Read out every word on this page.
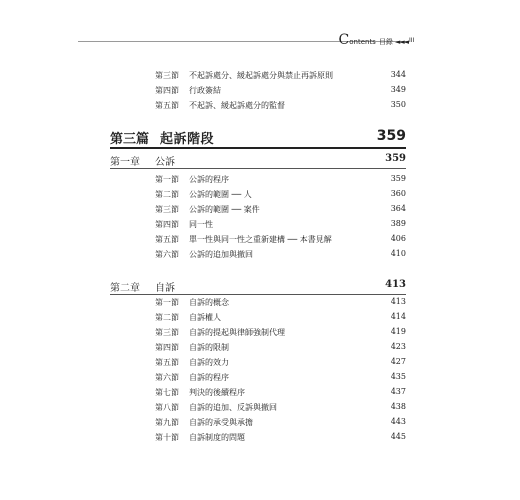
C ontents 目錄 ◄◄◄ III
第三節 不起訴處分、緩起訴處分與禁止再訴原則	344
第四節 行政簽結	349
第五節 不起訴、緩起訴處分的監督	350
第三篇 起訴階段	359
第一章 公訴	359
第一節 公訴的程序	359
第二節 公訴的範圍 ── 人	360
第三節 公訴的範圍 ── 案件	364
第四節 同一性	389
第五節 單一性與同一性之重新建構 ── 本書見解	406
第六節 公訴的追加與撤回	410
第二章 自訴	413
第一節 自訴的概念	413
第二節 自訴權人	414
第三節 自訴的提起與律師強制代理	419
第四節 自訴的限制	423
第五節 自訴的效力	427
第六節 自訴的程序	435
第七節 判決的後續程序	437
第八節 自訴的追加、反訴與撤回	438
第九節 自訴的承受與承擔	443
第十節 自訴制度的問題	445
